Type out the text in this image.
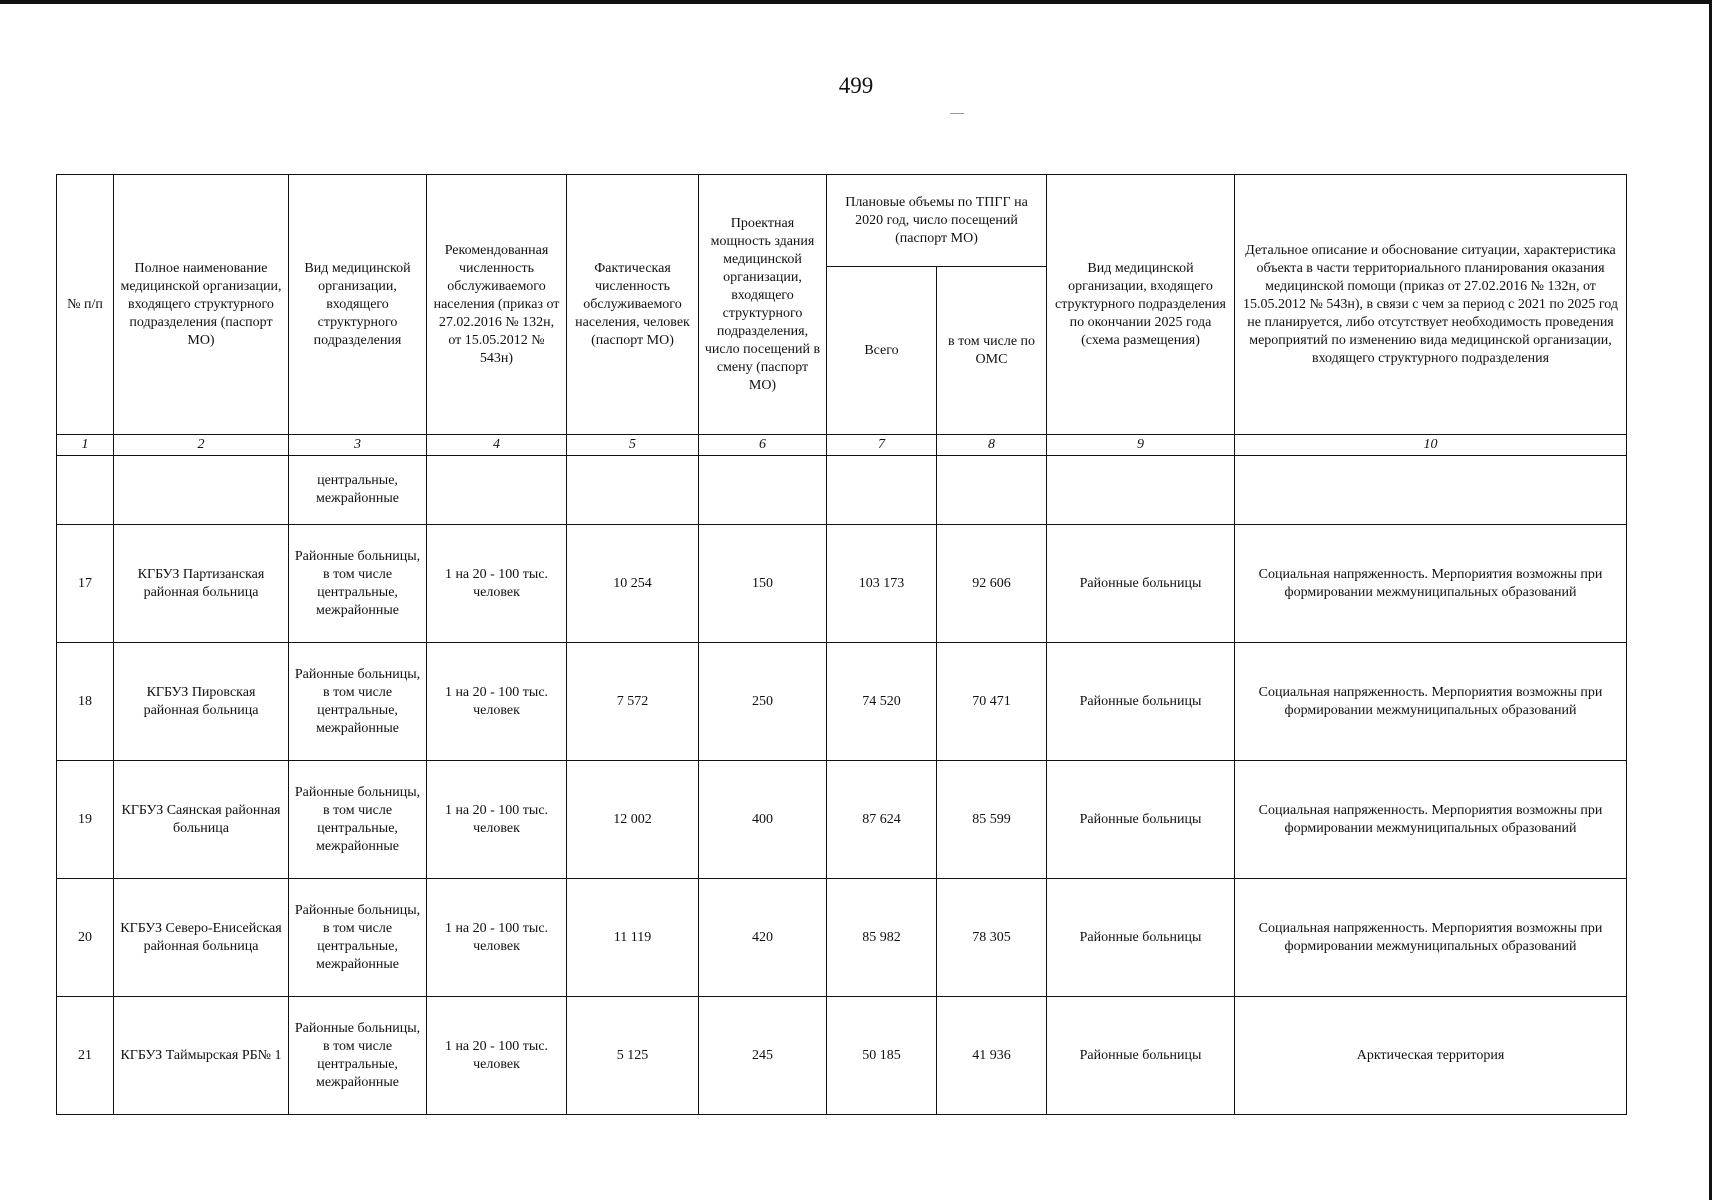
499
№ п/п	Полное наименование медицинской организации, входящего структурного подразделения (паспорт МО)	Вид медицинской организации, входящего структурного подразделения	Рекомендованная численность обслуживаемого населения (приказ от 27.02.2016 № 132н, от 15.05.2012 № 543н)	Фактическая численность обслуживаемого населения, человек (паспорт МО)	Проектная мощность здания медицинской организации, входящего структурного подразделения, число посещений в смену (паспорт МО)	Плановые объемы по ТПГГ на 2020 год, число посещений (паспорт МО)		Вид медицинской организации, входящего структурного подразделения по окончании 2025 года (схема размещения)	Детальное описание и обоснование ситуации, характеристика объекта в части территориального планирования оказания медицинской помощи (приказ от 27.02.2016 № 132н, от 15.05.2012 № 543н), в связи с чем за период с 2021 по 2025 год не планируется, либо отсутствует необходимость проведения мероприятий по изменению вида медицинской организации, входящего структурного подразделения
						Всего	в том числе по ОМС		
1	2	3	4	5	6	7	8	9	10
		центральные, межрайонные							
17	КГБУЗ Партизанская районная больница	Районные больницы, в том числе центральные, межрайонные	1 на 20 - 100 тыс. человек	10 254	150	103 173	92 606	Районные больницы	Социальная напряженность. Мерпориятия возможны при формировании межмуниципальных образований
18	КГБУЗ Пировская районная больница	Районные больницы, в том числе центральные, межрайонные	1 на 20 - 100 тыс. человек	7 572	250	74 520	70 471	Районные больницы	Социальная напряженность. Мерпориятия возможны при формировании межмуниципальных образований
19	КГБУЗ Саянская районная больница	Районные больницы, в том числе центральные, межрайонные	1 на 20 - 100 тыс. человек	12 002	400	87 624	85 599	Районные больницы	Социальная напряженность. Мерпориятия возможны при формировании межмуниципальных образований
20	КГБУЗ Северо-Енисейская районная больница	Районные больницы, в том числе центральные, межрайонные	1 на 20 - 100 тыс. человек	11 119	420	85 982	78 305	Районные больницы	Социальная напряженность. Мерпориятия возможны при формировании межмуниципальных образований
21	КГБУЗ Таймырская РБ№ 1	Районные больницы, в том числе центральные, межрайонные	1 на 20 - 100 тыс. человек	5 125	245	50 185	41 936	Районные больницы	Арктическая территория
